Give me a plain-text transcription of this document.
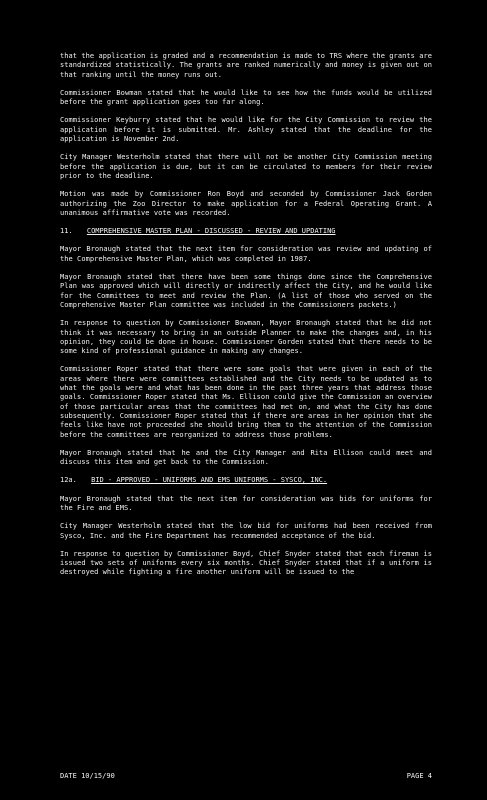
that the application is graded and a recommendation is made to TRS where the grants are standardized statistically. The grants are ranked numerically and money is given out on that ranking until the money runs out.

Commissioner Bowman stated that he would like to see how the funds would be utilized before the grant application goes too far along.

Commissioner Keyburry stated that he would like for the City Commission to review the application before it is submitted. Mr. Ashley stated that the deadline for the application is November 2nd.

City Manager Westerholm stated that there will not be another City Commission meeting before the application is due, but it can be circulated to members for their review prior to the deadline.

Motion was made by Commissioner Ron Boyd and seconded by Commissioner Jack Gorden authorizing the Zoo Director to make application for a Federal Operating Grant. A unanimous affirmative vote was recorded.

11. COMPREHENSIVE MASTER PLAN - DISCUSSED - REVIEW AND UPDATING

Mayor Bronaugh stated that the next item for consideration was review and updating of the Comprehensive Master Plan, which was completed in 1987.

Mayor Bronaugh stated that there have been some things done since the Comprehensive Plan was approved which will directly or indirectly affect the City, and he would like for the Committees to meet and review the Plan. (A list of those who served on the Comprehensive Master Plan committee was included in the Commissioners packets.)

In response to question by Commissioner Bowman, Mayor Bronaugh stated that he did not think it was necessary to bring in an outside Planner to make the changes and, in his opinion, they could be done in house. Commissioner Gorden stated that there needs to be some kind of professional guidance in making any changes.

Commissioner Roper stated that there were some goals that were given in each of the areas where there were committees established and the City needs to be updated as to what the goals were and what has been done in the past three years that address those goals. Commissioner Roper stated that Ms. Ellison could give the Commission an overview of those particular areas that the committees had met on, and what the City has done subsequently. Commissioner Roper stated that if there are areas in her opinion that she feels like have not proceeded she should bring them to the attention of the Commission before the committees are reorganized to address those problems.

Mayor Bronaugh stated that he and the City Manager and Rita Ellison could meet and discuss this item and get back to the Commission.

12a. BID - APPROVED - UNIFORMS AND EMS UNIFORMS - SYSCO, INC.

Mayor Bronaugh stated that the next item for consideration was bids for uniforms for the Fire and EMS.

City Manager Westerholm stated that the low bid for uniforms had been received from Sysco, Inc. and the Fire Department has recommended acceptance of the bid.

In response to question by Commissioner Boyd, Chief Snyder stated that each fireman is issued two sets of uniforms every six months. Chief Snyder stated that if a uniform is destroyed while fighting a fire another uniform will be issued to the

DATE 10/15/90	PAGE 4
